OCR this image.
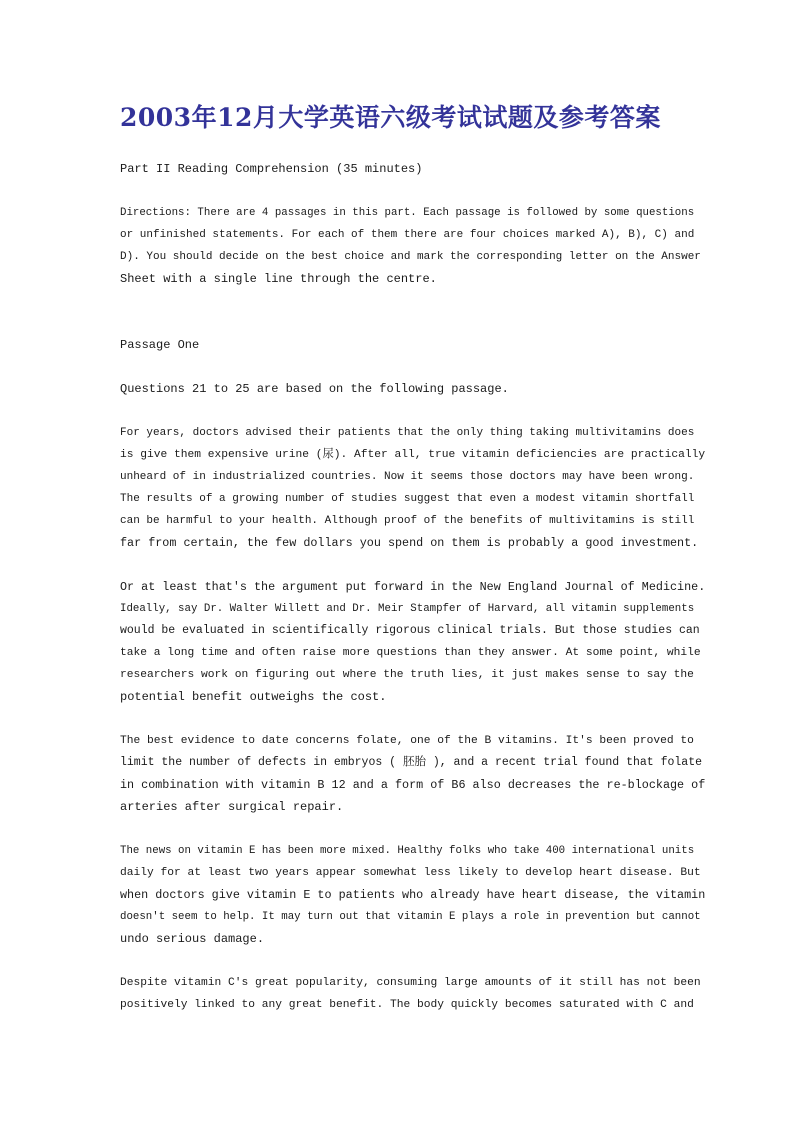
2003年12月大学英语六级考试试题及参考答案
Part II Reading Comprehension (35 minutes)
Directions: There are 4 passages in this part. Each passage is followed by some questions
or unfinished statements. For each of them there are four choices marked A), B), C) and
D). You should decide on the best choice and mark the corresponding letter on the Answer
Sheet with a single line through the centre.
Passage One
Questions 21 to 25 are based on the following passage.
For years, doctors advised their patients that the only thing taking multivitamins does
is give them expensive urine (尿). After all, true vitamin deficiencies are practically
unheard of in industrialized countries. Now it seems those doctors may have been wrong.
The results of a growing number of studies suggest that even a modest vitamin shortfall
can be harmful to your health. Although proof of the benefits of multivitamins is still
far from certain, the few dollars you spend on them is probably a good investment.
Or at least that's the argument put forward in the New England Journal of Medicine.
Ideally, say Dr. Walter Willett and Dr. Meir Stampfer of Harvard, all vitamin supplements
would be evaluated in scientifically rigorous clinical trials. But those studies can
take a long time and often raise more questions than they answer. At some point, while
researchers work on figuring out where the truth lies, it just makes sense to say the
potential benefit outweighs the cost.
The best evidence to date concerns folate, one of the B vitamins. It's been proved to
limit the number of defects in embryos ( 胚胎 ), and a recent trial found that folate
in combination with vitamin B 12 and a form of B6 also decreases the re-blockage of
arteries after surgical repair.
The news on vitamin E has been more mixed. Healthy folks who take 400 international units
daily for at least two years appear somewhat less likely to develop heart disease. But
when doctors give vitamin E to patients who already have heart disease, the vitamin
doesn't seem to help. It may turn out that vitamin E plays a role in prevention but cannot
undo serious damage.
Despite vitamin C's great popularity, consuming large amounts of it still has not been
positively linked to any great benefit. The body quickly becomes saturated with C and
